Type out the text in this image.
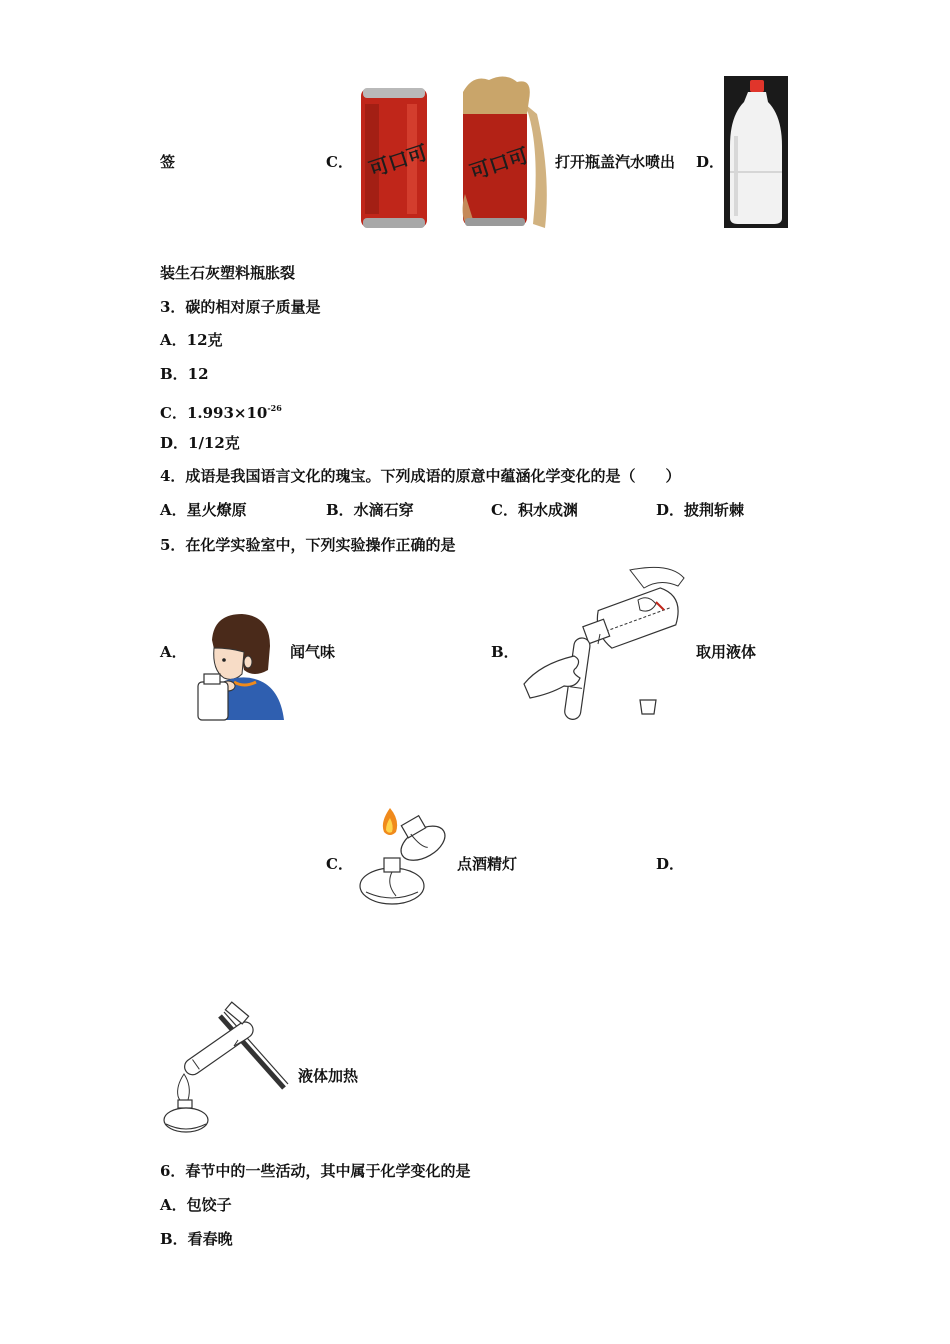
签	C． 可口可 可口可 打开瓶盖汽水喷出 D．
装生石灰塑料瓶胀裂
3．碳的相对原子质量是
A．12克
B．12
C．$1.993\times 10^{-26}$
D．1/12克
4．成语是我国语言文化的瑰宝。下列成语的原意中蕴涵化学变化的是（　　）
A．星火燎原	B．水滴石穿	C．积水成渊	D．披荆斩棘
5．在化学实验室中，下列实验操作正确的是
A．	闻气味	B．	取用液体
C．	点酒精灯	D．
液体加热
6．春节中的一些活动，其中属于化学变化的是
A．包饺子
B．看春晚
